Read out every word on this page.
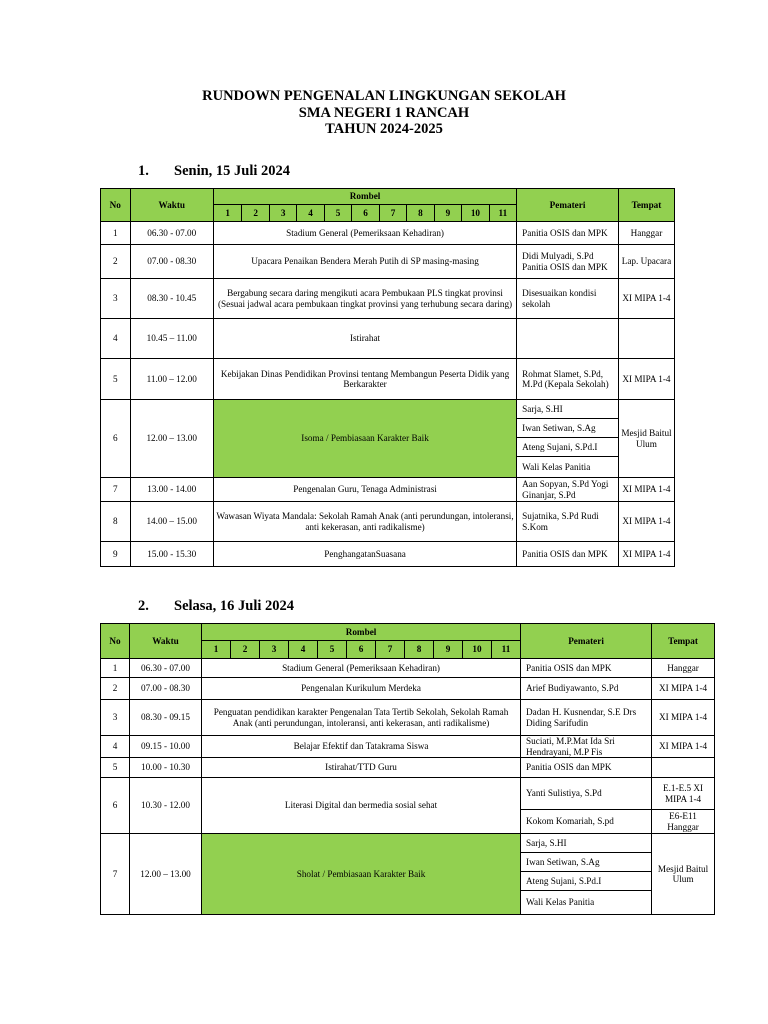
RUNDOWN PENGENALAN LINGKUNGAN SEKOLAH
SMA NEGERI 1 RANCAH
TAHUN 2024-2025
1. Senin, 15 Juli 2024
No	Waktu	Rombel											Pemateri	Tempat
		1	2	3	4	5	6	7	8	9	10	11		
1	06.30 - 07.00	Stadium General (Pemeriksaan Kehadiran)											Panitia OSIS dan MPK	Hanggar
2	07.00 - 08.30	Upacara Penaikan Bendera Merah Putih di SP masing-masing											Didi Mulyadi, S.Pd Panitia OSIS dan MPK	Lap. Upacara
3	08.30 - 10.45	Bergabung secara daring mengikuti acara Pembukaan PLS tingkat provinsi (Sesuai jadwal acara pembukaan tingkat provinsi yang terhubung secara daring)											Disesuaikan kondisi sekolah	XI MIPA 1-4
4	10.45 – 11.00	Istirahat												
5	11.00 – 12.00	Kebijakan Dinas Pendidikan Provinsi tentang Membangun Peserta Didik yang Berkarakter											Rohmat Slamet, S.Pd, M.Pd (Kepala Sekolah)	XI MIPA 1-4
6	12.00 – 13.00	Isoma / Pembiasaan Karakter Baik											Sarja, S.HI	Mesjid Baitul Ulum
													Iwan Setiwan, S.Ag	
													Ateng Sujani, S.Pd.I	
													Wali Kelas Panitia	
7	13.00 - 14.00	Pengenalan Guru, Tenaga Administrasi											Aan Sopyan, S.Pd Yogi Ginanjar, S.Pd	XI MIPA 1-4
8	14.00 – 15.00	Wawasan Wiyata Mandala: Sekolah Ramah Anak (anti perundungan, intoleransi, anti kekerasan, anti radikalisme)											Sujatnika, S.Pd Rudi S.Kom	XI MIPA 1-4
9	15.00 - 15.30	PenghangatanSuasana											Panitia OSIS dan MPK	XI MIPA 1-4
2. Selasa, 16 Juli 2024
No	Waktu	Rombel											Pemateri	Tempat
		1	2	3	4	5	6	7	8	9	10	11		
1	06.30 - 07.00	Stadium General (Pemeriksaan Kehadiran)											Panitia OSIS dan MPK	Hanggar
2	07.00 - 08.30	Pengenalan Kurikulum Merdeka											Arief Budiyawanto, S.Pd	XI MIPA 1-4
3	08.30 - 09.15	Penguatan pendidikan karakter Pengenalan Tata Tertib Sekolah, Sekolah Ramah Anak (anti perundungan, intoleransi, anti kekerasan, anti radikalisme)											Dadan H. Kusnendar, S.E Drs Diding Sarifudin	XI MIPA 1-4
4	09.15 - 10.00	Belajar Efektif dan Tatakrama Siswa											Suciati, M.P.Mat Ida Sri Hendrayani, M.P Fis	XI MIPA 1-4
5	10.00 - 10.30	Istirahat/TTD Guru											Panitia OSIS dan MPK	
6	10.30 - 12.00	Literasi Digital dan bermedia sosial sehat											Yanti Sulistiya, S.Pd	E.1-E.5 XI MIPA 1-4
													Kokom Komariah, S.pd	E6-E11 Hanggar
7	12.00 – 13.00	Sholat / Pembiasaan Karakter Baik											Sarja, S.HI	Mesjid Baitul Ulum
													Iwan Setiwan, S.Ag	
													Ateng Sujani, S.Pd.I	
													Wali Kelas Panitia	
